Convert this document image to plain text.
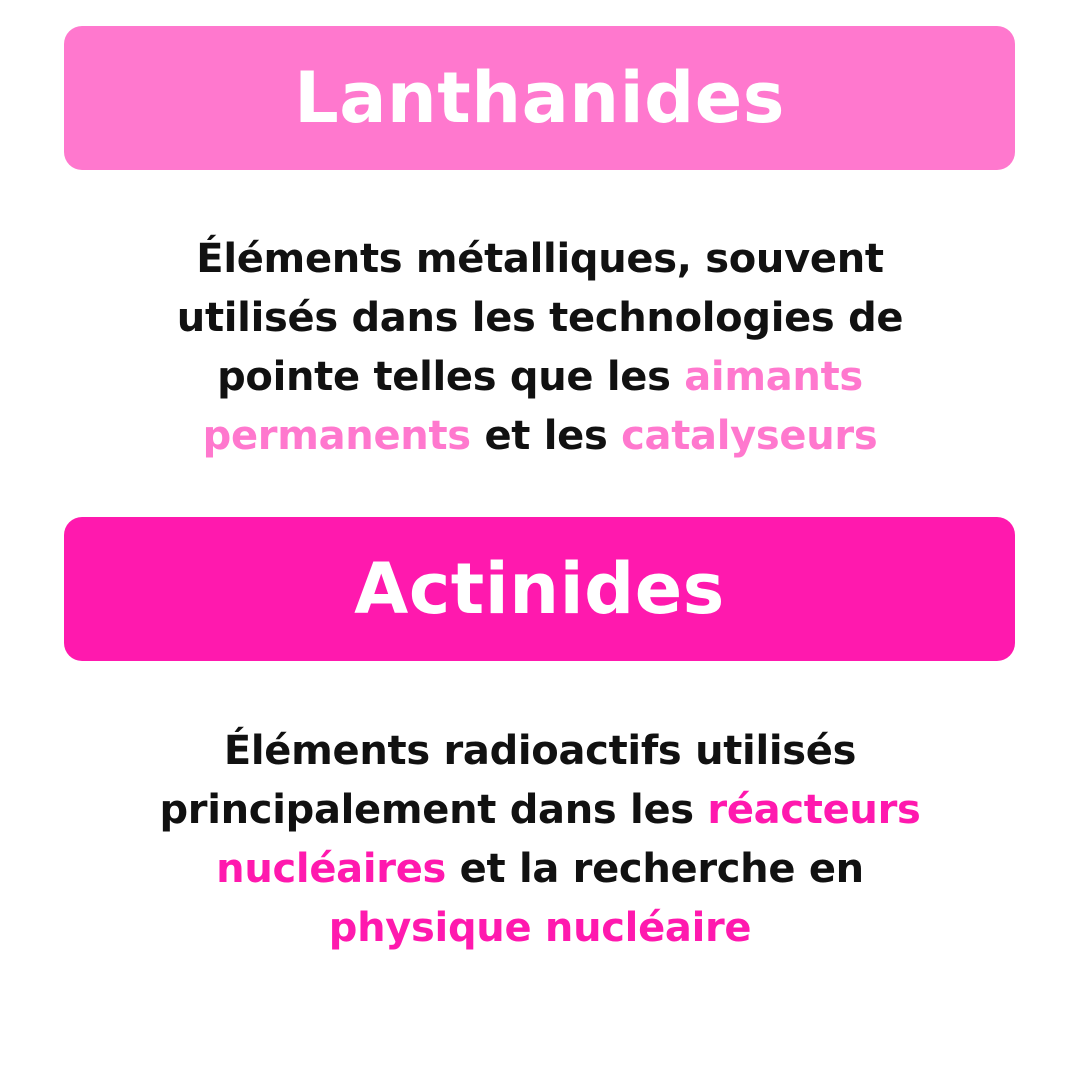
Lanthanides
Éléments métalliques, souvent
utilisés dans les technologies de
pointe telles que les aimants
permanents et les catalyseurs
Actinides
Éléments radioactifs utilisés
principalement dans les réacteurs
nucléaires et la recherche en
physique nucléaire
